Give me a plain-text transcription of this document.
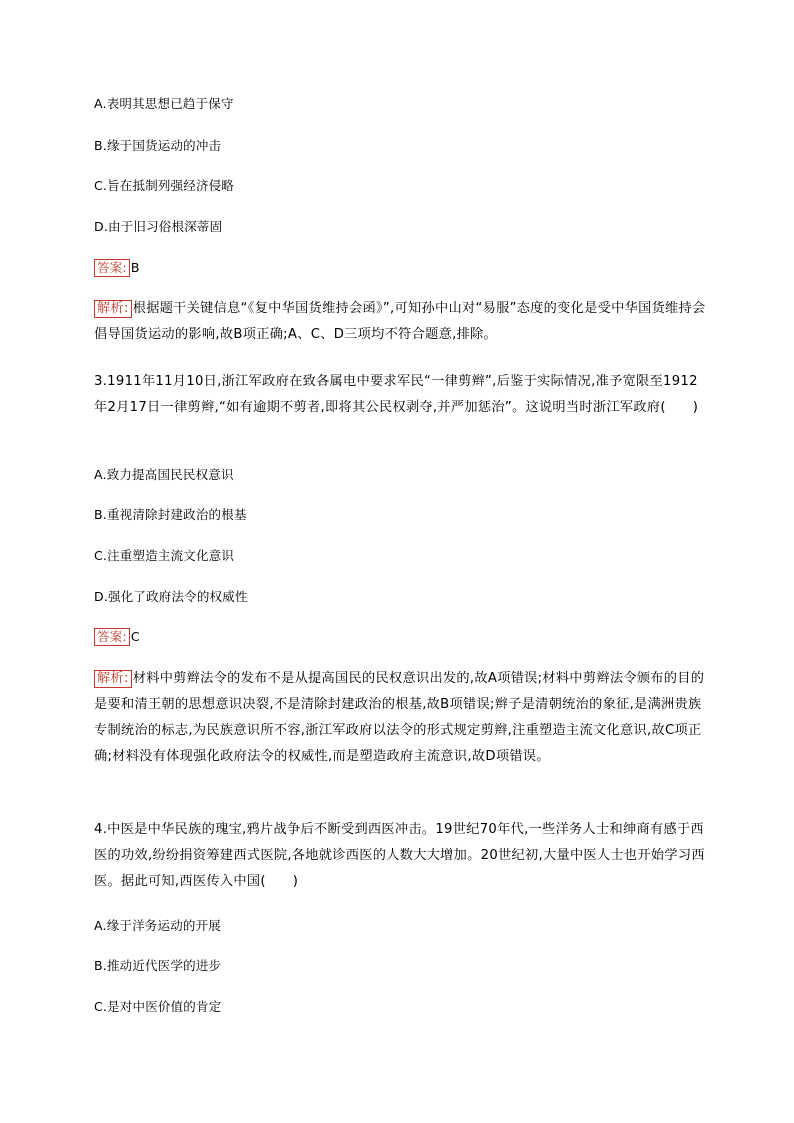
A.表明其思想已趋于保守
B.缘于国货运动的冲击
C.旨在抵制列强经济侵略
D.由于旧习俗根深蒂固
答案: B
解析: 根据题干关键信息“《复中华国货维持会函》”,可知孙中山对“易服”态度的变化是受中华国货维持会倡导国货运动的影响,故B项正确;A、C、D三项均不符合题意,排除。
3.1911年11月10日,浙江军政府在致各属电中要求军民“一律剪辫”,后鉴于实际情况,准予宽限至1912年2月17日一律剪辫,“如有逾期不剪者,即将其公民权剥夺,并严加惩治”。这说明当时浙江军政府(　　)
A.致力提高国民民权意识
B.重视清除封建政治的根基
C.注重塑造主流文化意识
D.强化了政府法令的权威性
答案: C
解析: 材料中剪辫法令的发布不是从提高国民的民权意识出发的,故A项错误;材料中剪辫法令颁布的目的是要和清王朝的思想意识决裂,不是清除封建政治的根基,故B项错误;辫子是清朝统治的象征,是满洲贵族专制统治的标志,为民族意识所不容,浙江军政府以法令的形式规定剪辫,注重塑造主流文化意识,故C项正确;材料没有体现强化政府法令的权威性,而是塑造政府主流意识,故D项错误。
4.中医是中华民族的瑰宝,鸦片战争后不断受到西医冲击。19世纪70年代,一些洋务人士和绅商有感于西医的功效,纷纷捐资筹建西式医院,各地就诊西医的人数大大增加。20世纪初,大量中医人士也开始学习西医。据此可知,西医传入中国(　　)
A.缘于洋务运动的开展
B.推动近代医学的进步
C.是对中医价值的肯定
